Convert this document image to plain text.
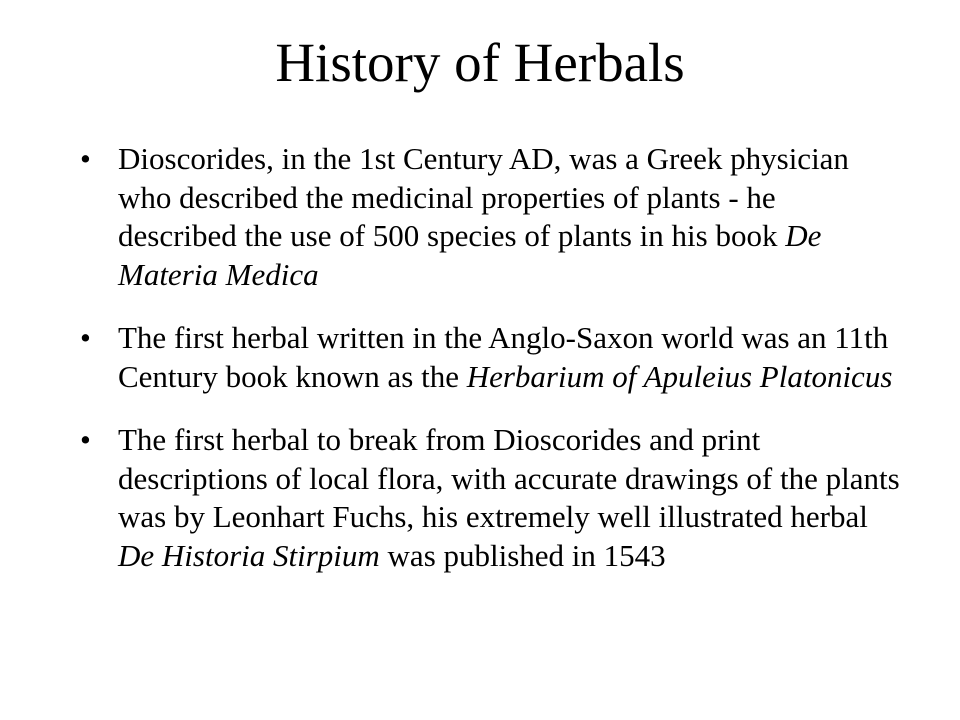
History of Herbals
• Dioscorides, in the 1st Century AD, was a Greek physician who described the medicinal properties of plants - he described the use of 500 species of plants in his book De Materia Medica
• The first herbal written in the Anglo-Saxon world was an 11th Century book known as the Herbarium of Apuleius Platonicus
• The first herbal to break from Dioscorides and print descriptions of local flora, with accurate drawings of the plants was by Leonhart Fuchs, his extremely well illustrated herbal De Historia Stirpium was published in 1543
